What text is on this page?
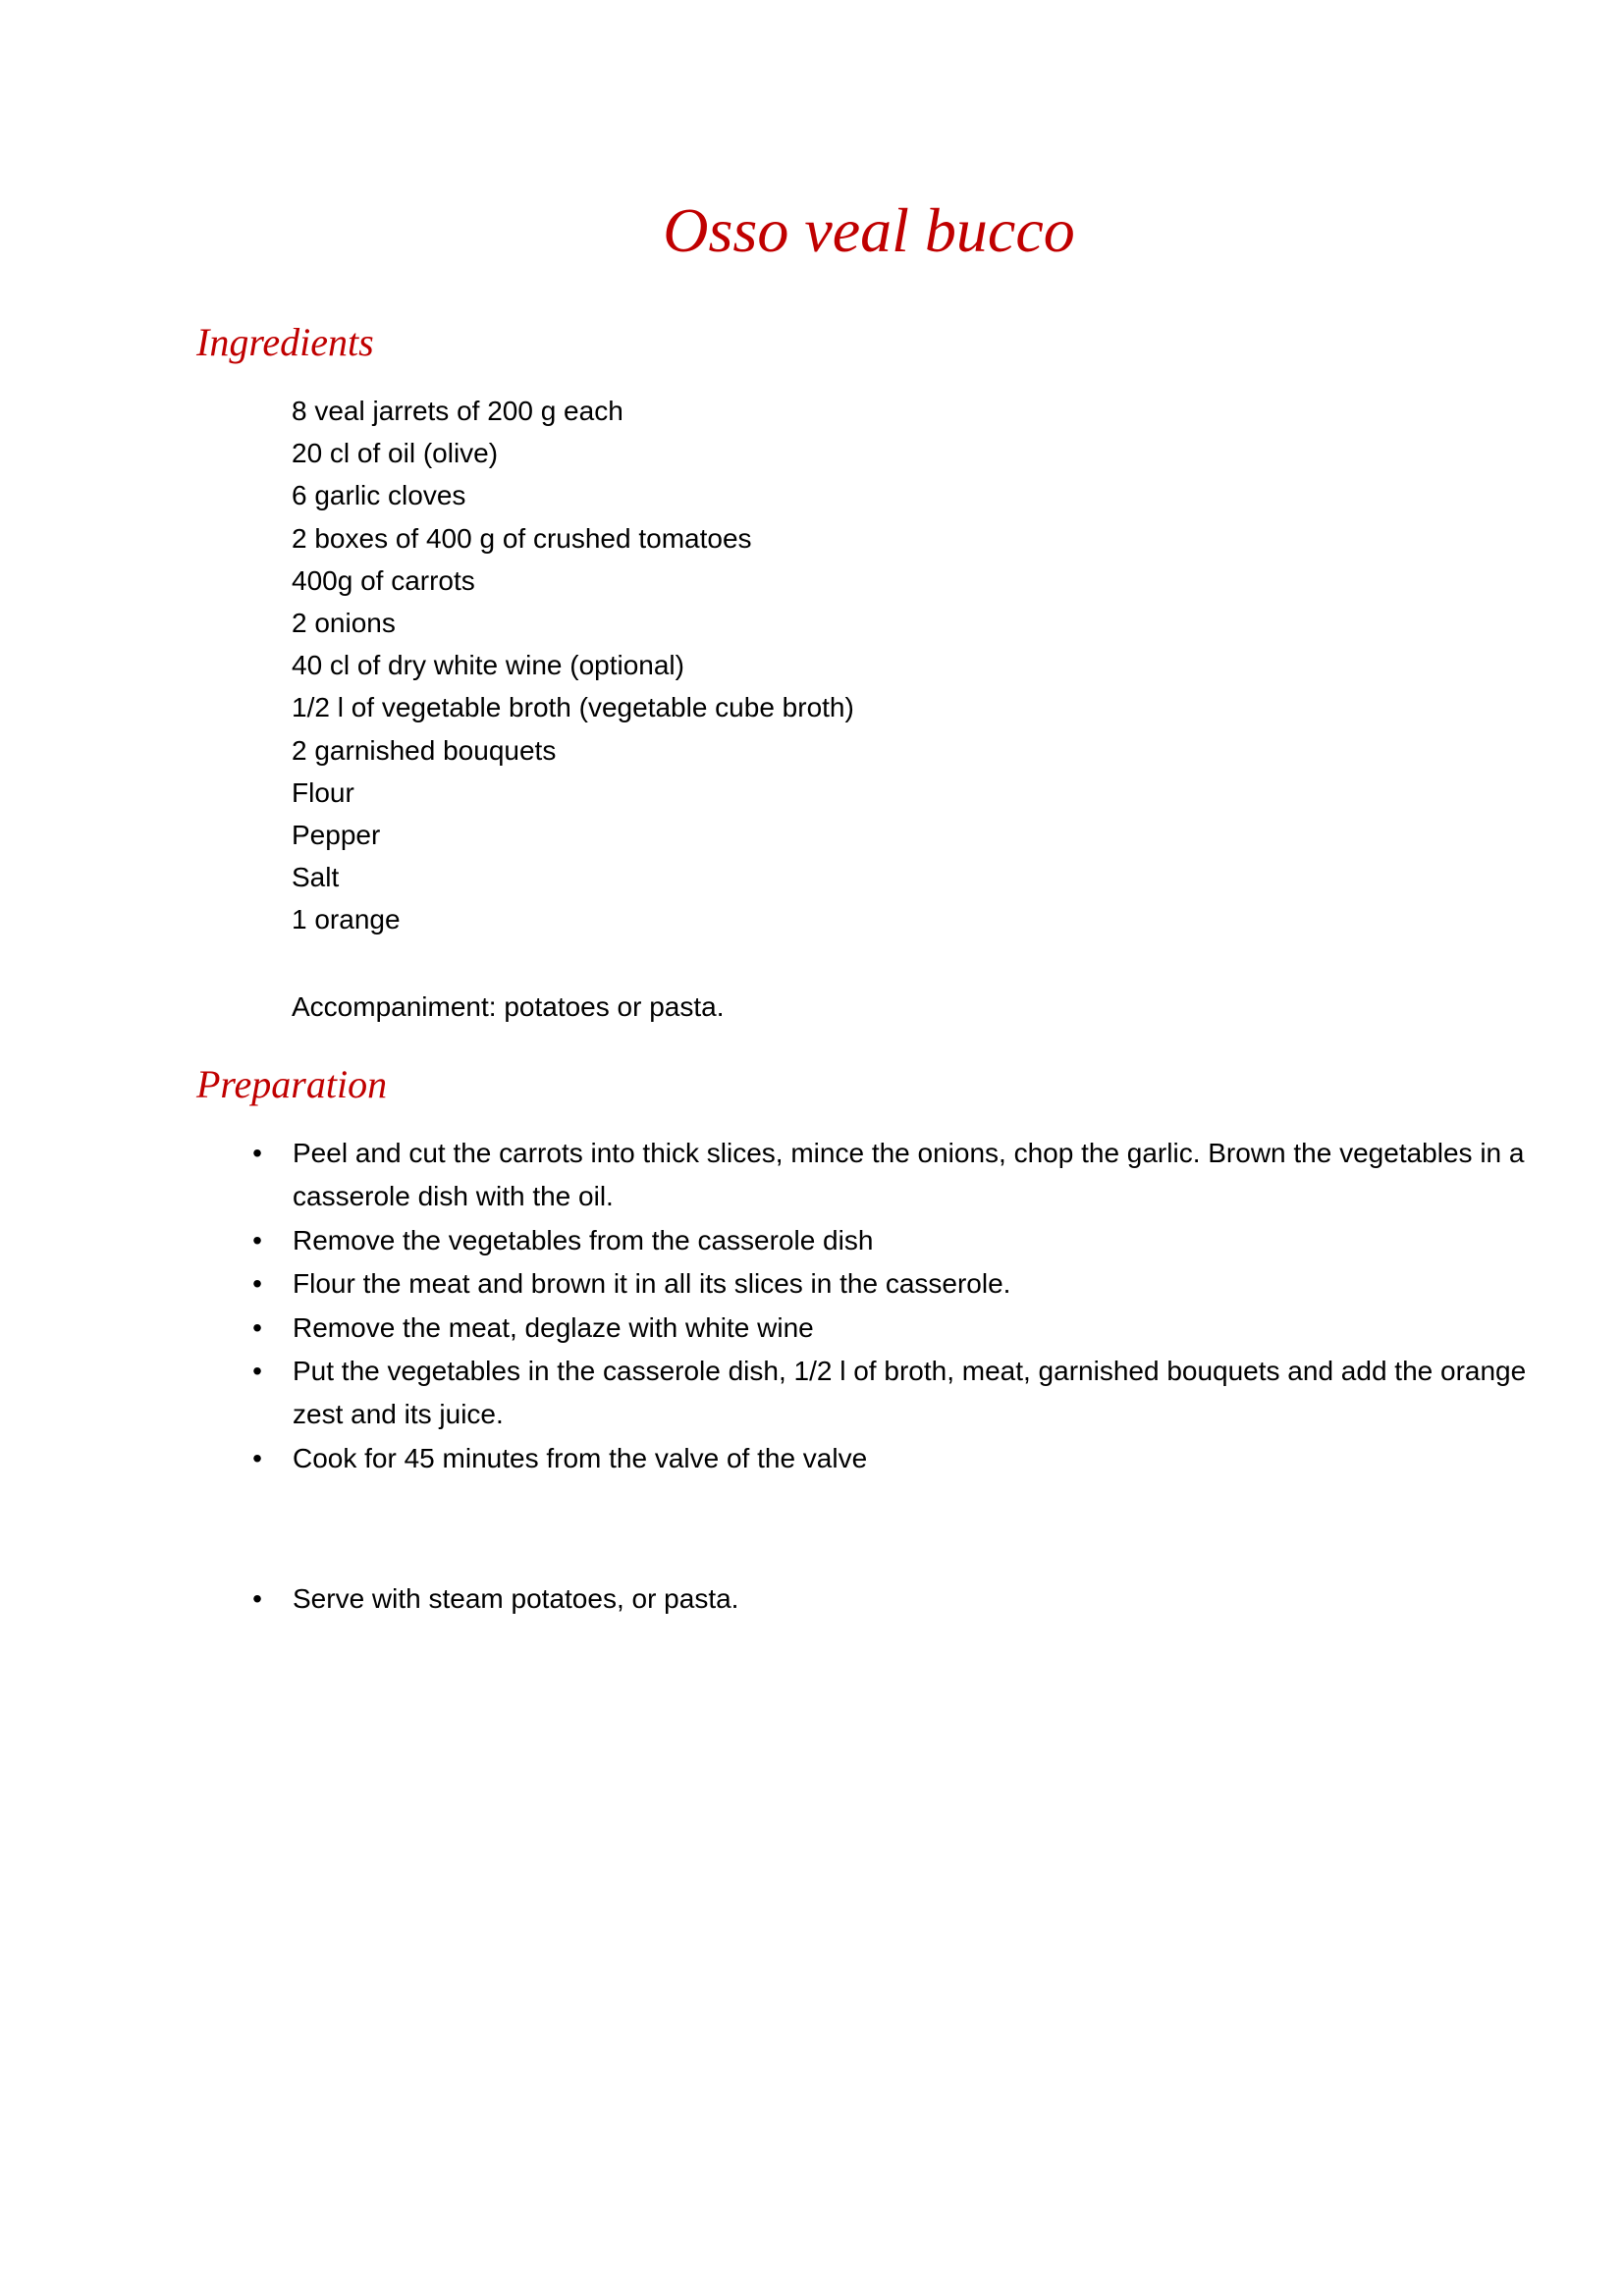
Osso veal bucco
Ingredients
8 veal jarrets of 200 g each
20 cl of oil (olive)
6 garlic cloves
2 boxes of 400 g of crushed tomatoes
400g of carrots
2 onions
40 cl of dry white wine (optional)
1/2 l of vegetable broth (vegetable cube broth)
2 garnished bouquets
Flour
Pepper
Salt
1 orange

Accompaniment: potatoes or pasta.

Preparation
• Peel and cut the carrots into thick slices, mince the onions, chop the garlic. Brown the vegetables in a casserole dish with the oil.
• Remove the vegetables from the casserole dish
• Flour the meat and brown it in all its slices in the casserole.
• Remove the meat, deglaze with white wine
• Put the vegetables in the casserole dish, 1/2 l of broth, meat, garnished bouquets and add the orange zest and its juice.
• Cook for 45 minutes from the valve of the valve
• Serve with steam potatoes, or pasta.
